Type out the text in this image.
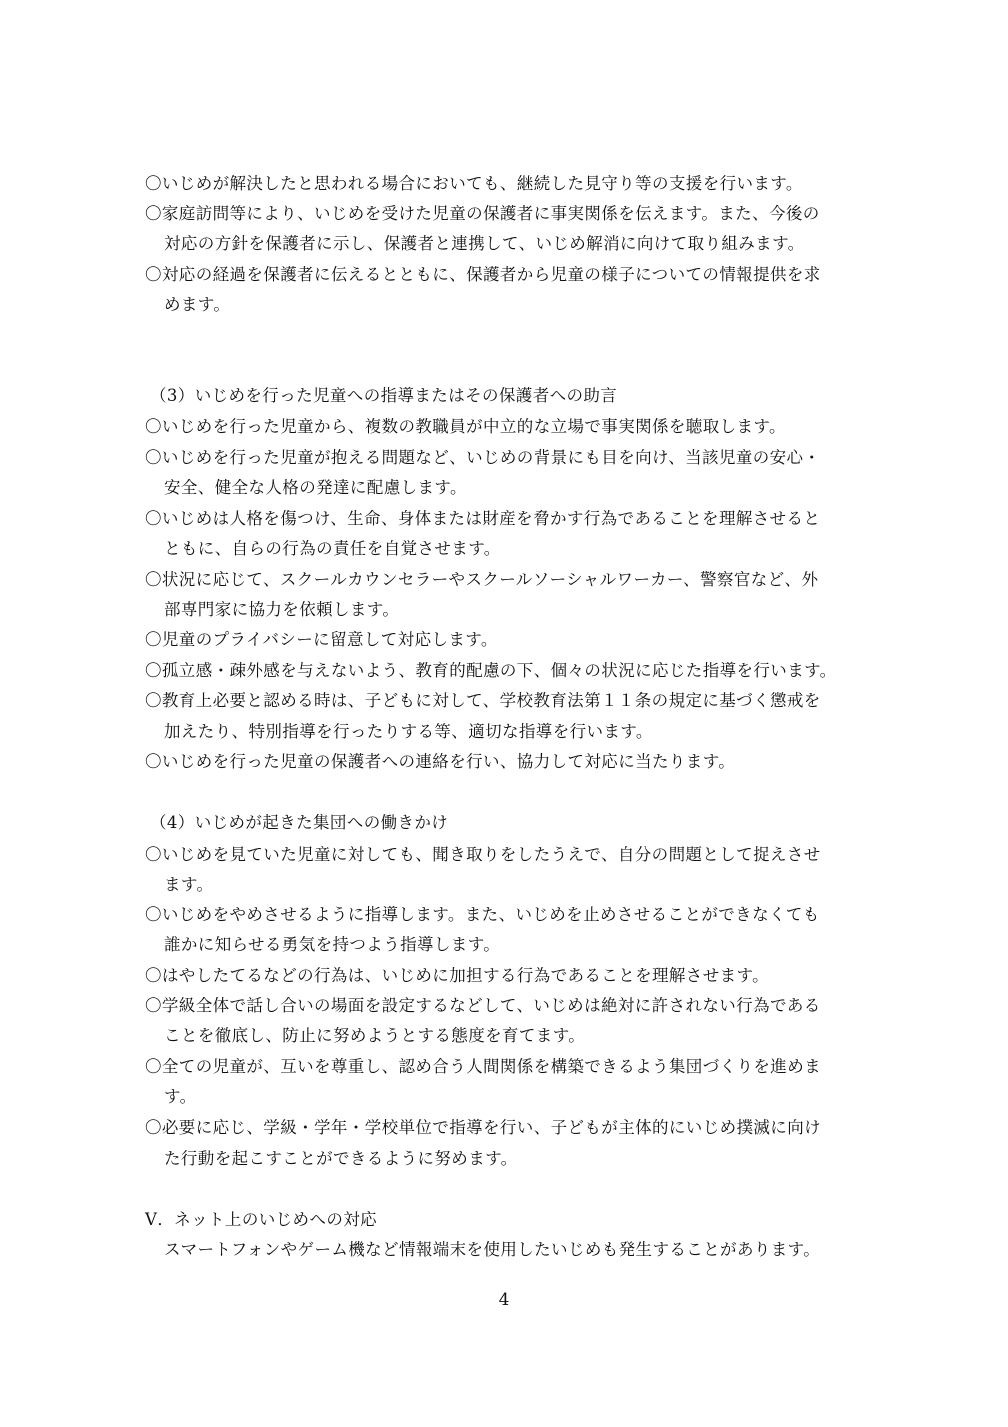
〇いじめが解決したと思われる場合においても、継続した見守り等の支援を行います。
〇家庭訪問等により、いじめを受けた児童の保護者に事実関係を伝えます。また、今後の
対応の方針を保護者に示し、保護者と連携して、いじめ解消に向けて取り組みます。
〇対応の経過を保護者に伝えるとともに、保護者から児童の様子についての情報提供を求
めます。
（3）いじめを行った児童への指導またはその保護者への助言
〇いじめを行った児童から、複数の教職員が中立的な立場で事実関係を聴取します。
〇いじめを行った児童が抱える問題など、いじめの背景にも目を向け、当該児童の安心・
安全、健全な人格の発達に配慮します。
〇いじめは人格を傷つけ、生命、身体または財産を脅かす行為であることを理解させると
ともに、自らの行為の責任を自覚させます。
〇状況に応じて、スクールカウンセラーやスクールソーシャルワーカー、警察官など、外
部専門家に協力を依頼します。
〇児童のプライバシーに留意して対応します。
〇孤立感・疎外感を与えないよう、教育的配慮の下、個々の状況に応じた指導を行います。
〇教育上必要と認める時は、子どもに対して、学校教育法第１１条の規定に基づく懲戒を
加えたり、特別指導を行ったりする等、適切な指導を行います。
〇いじめを行った児童の保護者への連絡を行い、協力して対応に当たります。
（4）いじめが起きた集団への働きかけ
〇いじめを見ていた児童に対しても、聞き取りをしたうえで、自分の問題として捉えさせ
ます。
〇いじめをやめさせるように指導します。また、いじめを止めさせることができなくても
誰かに知らせる勇気を持つよう指導します。
〇はやしたてるなどの行為は、いじめに加担する行為であることを理解させます。
〇学級全体で話し合いの場面を設定するなどして、いじめは絶対に許されない行為である
ことを徹底し、防止に努めようとする態度を育てます。
〇全ての児童が、互いを尊重し、認め合う人間関係を構築できるよう集団づくりを進めま
す。
〇必要に応じ、学級・学年・学校単位で指導を行い、子どもが主体的にいじめ撲滅に向け
た行動を起こすことができるように努めます。
Ⅴ．ネット上のいじめへの対応
スマートフォンやゲーム機など情報端末を使用したいじめも発生することがあります。
4
